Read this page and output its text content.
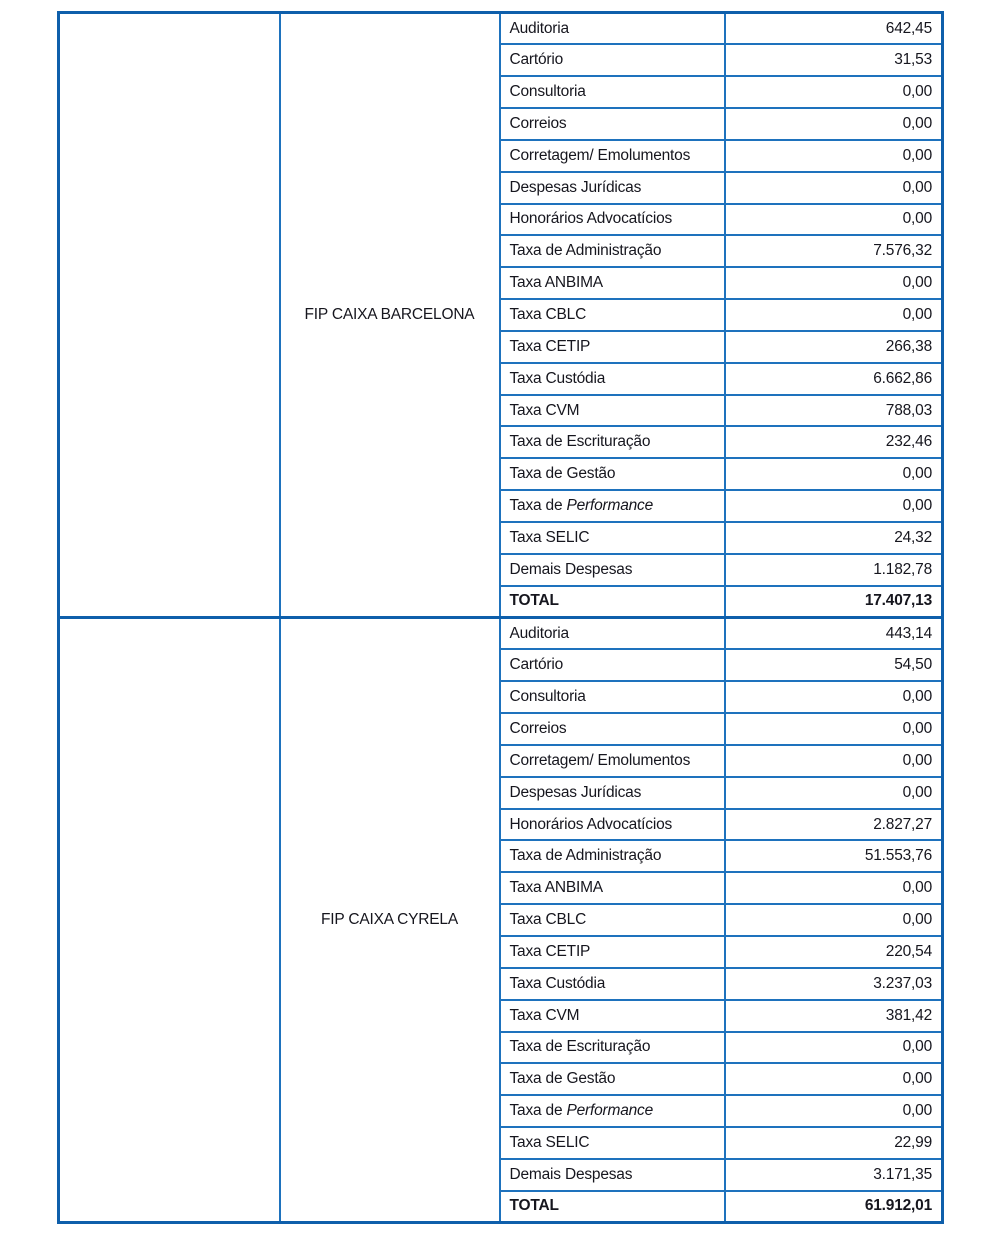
	FIP CAIXA BARCELONA	Auditoria	642,45
		Cartório	31,53
		Consultoria	0,00
		Correios	0,00
		Corretagem/ Emolumentos	0,00
		Despesas Jurídicas	0,00
		Honorários Advocatícios	0,00
		Taxa de Administração	7.576,32
		Taxa ANBIMA	0,00
		Taxa CBLC	0,00
		Taxa CETIP	266,38
		Taxa Custódia	6.662,86
		Taxa CVM	788,03
		Taxa de Escrituração	232,46
		Taxa de Gestão	0,00
		Taxa de Performance	0,00
		Taxa SELIC	24,32
		Demais Despesas	1.182,78
		TOTAL	17.407,13
	FIP CAIXA CYRELA	Auditoria	443,14
		Cartório	54,50
		Consultoria	0,00
		Correios	0,00
		Corretagem/ Emolumentos	0,00
		Despesas Jurídicas	0,00
		Honorários Advocatícios	2.827,27
		Taxa de Administração	51.553,76
		Taxa ANBIMA	0,00
		Taxa CBLC	0,00
		Taxa CETIP	220,54
		Taxa Custódia	3.237,03
		Taxa CVM	381,42
		Taxa de Escrituração	0,00
		Taxa de Gestão	0,00
		Taxa de Performance	0,00
		Taxa SELIC	22,99
		Demais Despesas	3.171,35
		TOTAL	61.912,01
